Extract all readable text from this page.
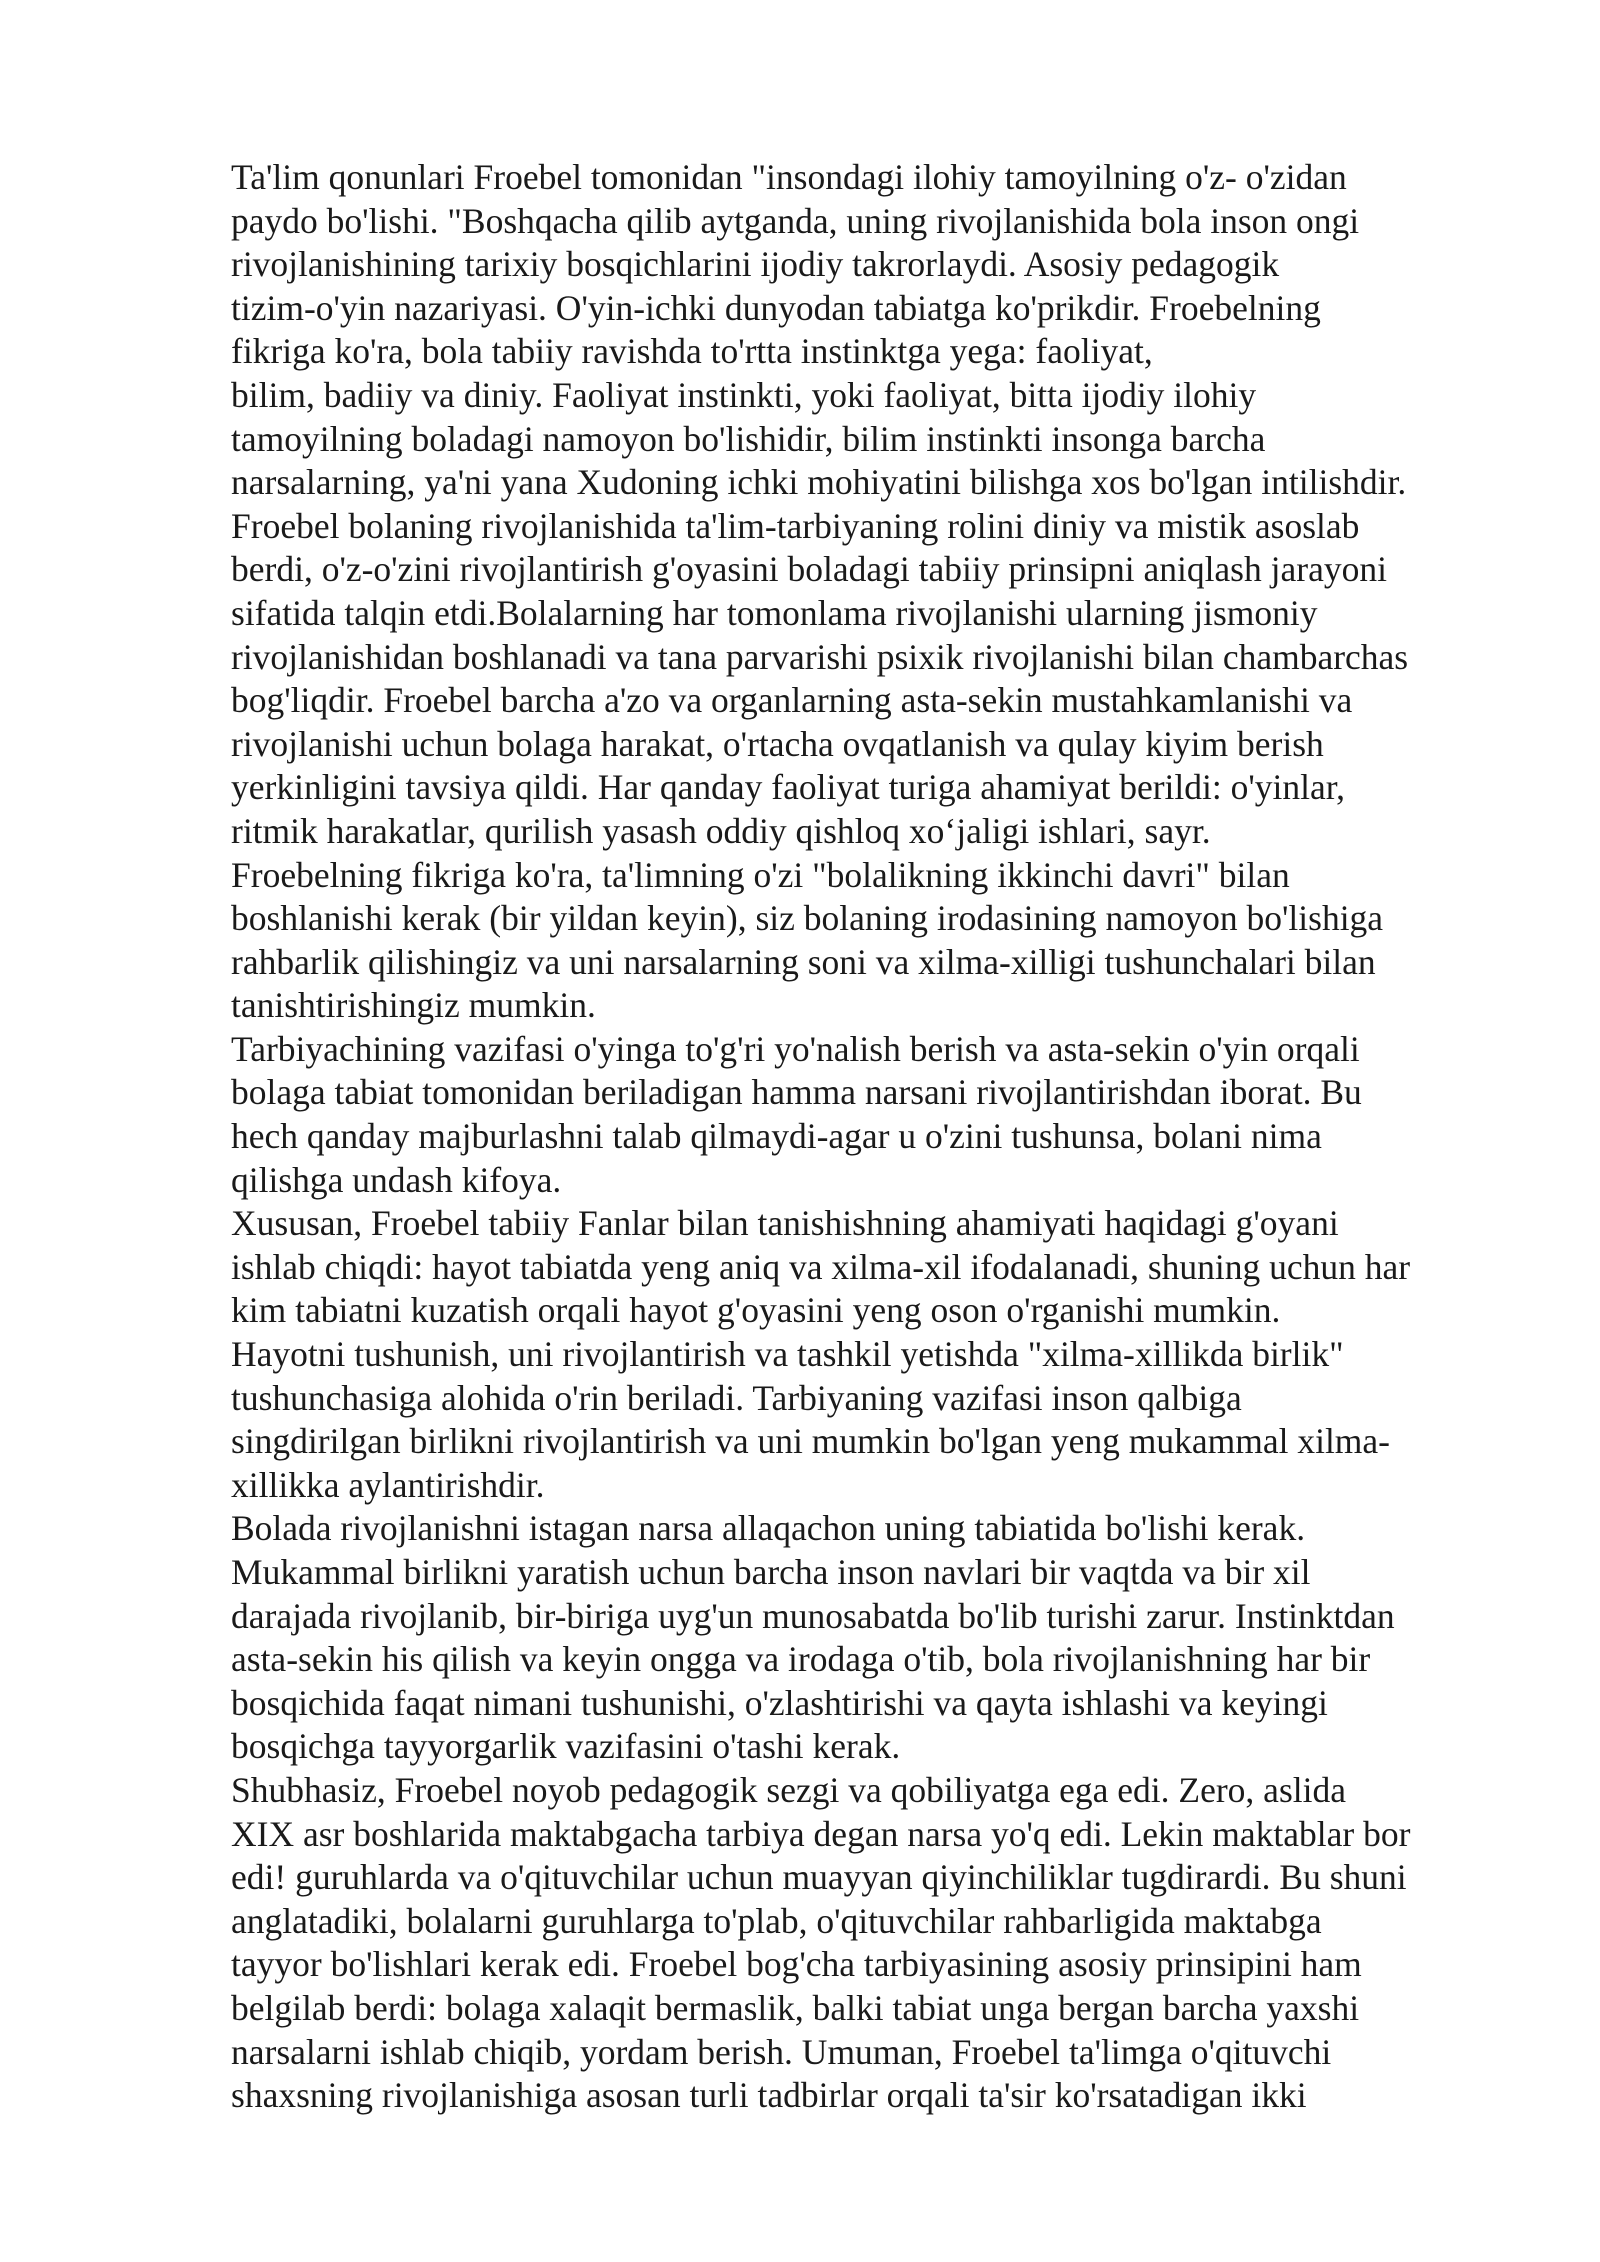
Ta'lim qonunlari Froebel tomonidan "insondagi ilohiy tamoyilning o'z- o'zidan
paydo bo'lishi. "Boshqacha qilib aytganda, uning rivojlanishida bola inson ongi
rivojlanishining tarixiy bosqichlarini ijodiy takrorlaydi. Asosiy pedagogik
tizim-o'yin nazariyasi. O'yin-ichki dunyodan tabiatga ko'prikdir. Froebelning
fikriga ko'ra, bola tabiiy ravishda to'rtta instinktga yega: faoliyat,
bilim, badiiy va diniy. Faoliyat instinkti, yoki faoliyat, bitta ijodiy ilohiy
tamoyilning boladagi namoyon bo'lishidir, bilim instinkti insonga barcha
narsalarning, ya'ni yana Xudoning ichki mohiyatini bilishga xos bo'lgan intilishdir.
Froebel bolaning rivojlanishida ta'lim-tarbiyaning rolini diniy va mistik asoslab
berdi, o'z-o'zini rivojlantirish g'oyasini boladagi tabiiy prinsipni aniqlash jarayoni
sifatida talqin etdi.Bolalarning har tomonlama rivojlanishi ularning jismoniy
rivojlanishidan boshlanadi va tana parvarishi psixik rivojlanishi bilan chambarchas
bog'liqdir. Froebel barcha a'zo va organlarning asta-sekin mustahkamlanishi va
rivojlanishi uchun bolaga harakat, o'rtacha ovqatlanish va qulay kiyim berish
yerkinligini tavsiya qildi. Har qanday faoliyat turiga ahamiyat berildi: o'yinlar,
ritmik harakatlar, qurilish yasash oddiy qishloq xo‘jaligi ishlari, sayr.
Froebelning fikriga ko'ra, ta'limning o'zi "bolalikning ikkinchi davri" bilan
boshlanishi kerak (bir yildan keyin), siz bolaning irodasining namoyon bo'lishiga
rahbarlik qilishingiz va uni narsalarning soni va xilma-xilligi tushunchalari bilan
tanishtirishingiz mumkin.
Tarbiyachining vazifasi o'yinga to'g'ri yo'nalish berish va asta-sekin o'yin orqali
bolaga tabiat tomonidan beriladigan hamma narsani rivojlantirishdan iborat. Bu
hech qanday majburlashni talab qilmaydi-agar u o'zini tushunsa, bolani nima
qilishga undash kifoya.
Xususan, Froebel tabiiy Fanlar bilan tanishishning ahamiyati haqidagi g'oyani
ishlab chiqdi: hayot tabiatda yeng aniq va xilma-xil ifodalanadi, shuning uchun har
kim tabiatni kuzatish orqali hayot g'oyasini yeng oson o'rganishi mumkin.
Hayotni tushunish, uni rivojlantirish va tashkil yetishda "xilma-xillikda birlik"
tushunchasiga alohida o'rin beriladi. Tarbiyaning vazifasi inson qalbiga
singdirilgan birlikni rivojlantirish va uni mumkin bo'lgan yeng mukammal xilma-
xillikka aylantirishdir.
Bolada rivojlanishni istagan narsa allaqachon uning tabiatida bo'lishi kerak.
Mukammal birlikni yaratish uchun barcha inson navlari bir vaqtda va bir xil
darajada rivojlanib, bir-biriga uyg'un munosabatda bo'lib turishi zarur. Instinktdan
asta-sekin his qilish va keyin ongga va irodaga o'tib, bola rivojlanishning har bir
bosqichida faqat nimani tushunishi, o'zlashtirishi va qayta ishlashi va keyingi
bosqichga tayyorgarlik vazifasini o'tashi kerak.
Shubhasiz, Froebel noyob pedagogik sezgi va qobiliyatga ega edi. Zero, aslida
XIX asr boshlarida maktabgacha tarbiya degan narsa yo'q edi. Lekin maktablar bor
edi! guruhlarda va o'qituvchilar uchun muayyan qiyinchiliklar tugdirardi. Bu shuni
anglatadiki, bolalarni guruhlarga to'plab, o'qituvchilar rahbarligida maktabga
tayyor bo'lishlari kerak edi. Froebel bog'cha tarbiyasining asosiy prinsipini ham
belgilab berdi: bolaga xalaqit bermaslik, balki tabiat unga bergan barcha yaxshi
narsalarni ishlab chiqib, yordam berish. Umuman, Froebel ta'limga o'qituvchi
shaxsning rivojlanishiga asosan turli tadbirlar orqali ta'sir ko'rsatadigan ikki
